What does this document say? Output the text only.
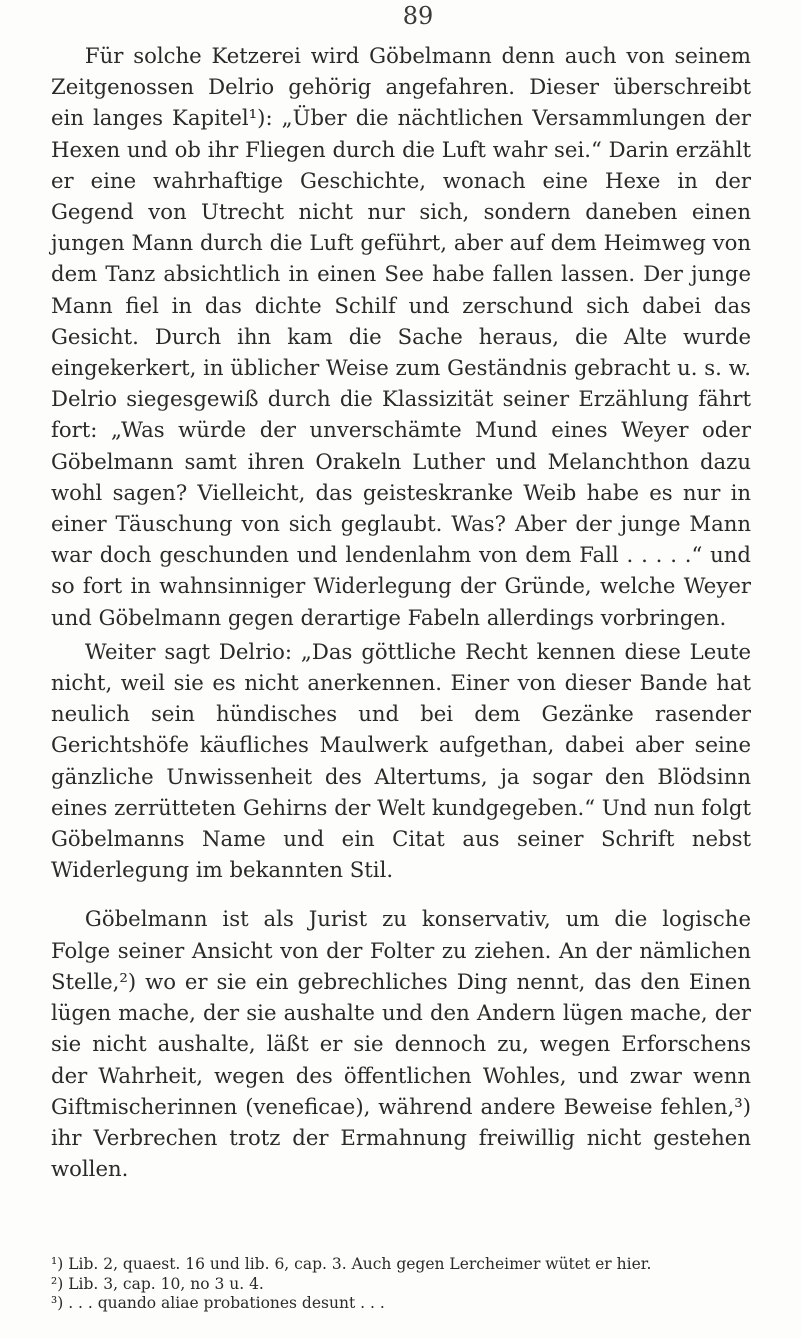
89

Für solche Ketzerei wird Göbelmann denn auch von seinem Zeitgenossen Delrio gehörig angefahren. Dieser überschreibt ein langes Kapitel¹): „Über die nächtlichen Versammlungen der Hexen und ob ihr Fliegen durch die Luft wahr sei.“ Darin erzählt er eine wahrhaftige Geschichte, wonach eine Hexe in der Gegend von Utrecht nicht nur sich, sondern daneben einen jungen Mann durch die Luft geführt, aber auf dem Heimweg von dem Tanz absichtlich in einen See habe fallen lassen. Der junge Mann fiel in das dichte Schilf und zerschund sich dabei das Gesicht. Durch ihn kam die Sache heraus, die Alte wurde eingekerkert, in üblicher Weise zum Geständnis gebracht u. s. w. Delrio siegesgewiß durch die Klassizität seiner Erzählung fährt fort: „Was würde der unverschämte Mund eines Weyer oder Göbelmann samt ihren Orakeln Luther und Melanchthon dazu wohl sagen? Vielleicht, das geisteskranke Weib habe es nur in einer Täuschung von sich geglaubt. Was? Aber der junge Mann war doch geschunden und lendenlahm von dem Fall . . . . .“ und so fort in wahnsinniger Widerlegung der Gründe, welche Weyer und Göbelmann gegen derartige Fabeln allerdings vorbringen.

Weiter sagt Delrio: „Das göttliche Recht kennen diese Leute nicht, weil sie es nicht anerkennen. Einer von dieser Bande hat neulich sein hündisches und bei dem Gezänke rasender Gerichtshöfe käufliches Maulwerk aufgethan, dabei aber seine gänzliche Unwissenheit des Altertums, ja sogar den Blödsinn eines zerrütteten Gehirns der Welt kundgegeben.“ Und nun folgt Göbelmanns Name und ein Citat aus seiner Schrift nebst Widerlegung im bekannten Stil.

Göbelmann ist als Jurist zu konservativ, um die logische Folge seiner Ansicht von der Folter zu ziehen. An der nämlichen Stelle,²) wo er sie ein gebrechliches Ding nennt, das den Einen lügen mache, der sie aushalte und den Andern lügen mache, der sie nicht aushalte, läßt er sie dennoch zu, wegen Erforschens der Wahrheit, wegen des öffentlichen Wohles, und zwar wenn Giftmischerinnen (veneficae), während andere Beweise fehlen,³) ihr Verbrechen trotz der Ermahnung freiwillig nicht gestehen wollen.

¹) Lib. 2, quaest. 16 und lib. 6, cap. 3. Auch gegen Lercheimer wütet er hier.

²) Lib. 3, cap. 10, no 3 u. 4.

³) . . . quando aliae probationes desunt . . .
